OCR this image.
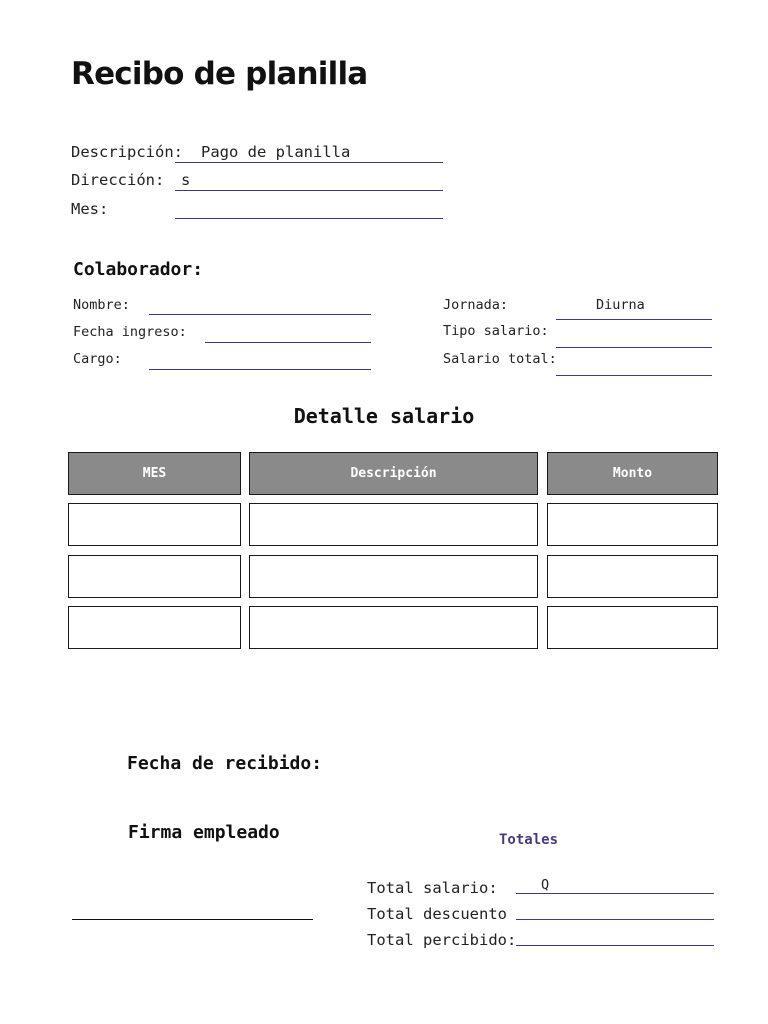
Recibo de planilla
Descripción: Pago de planilla
Dirección: s
Mes:
Colaborador:
Nombre:
Fecha ingreso:
Cargo:
Jornada:	Diurna
Tipo salario:
Salario total:
Detalle salario
MES	Descripción	Monto
Fecha de recibido:
Firma empleado	Totales
Total salario:	Q
Total descuento
Total percibido:
